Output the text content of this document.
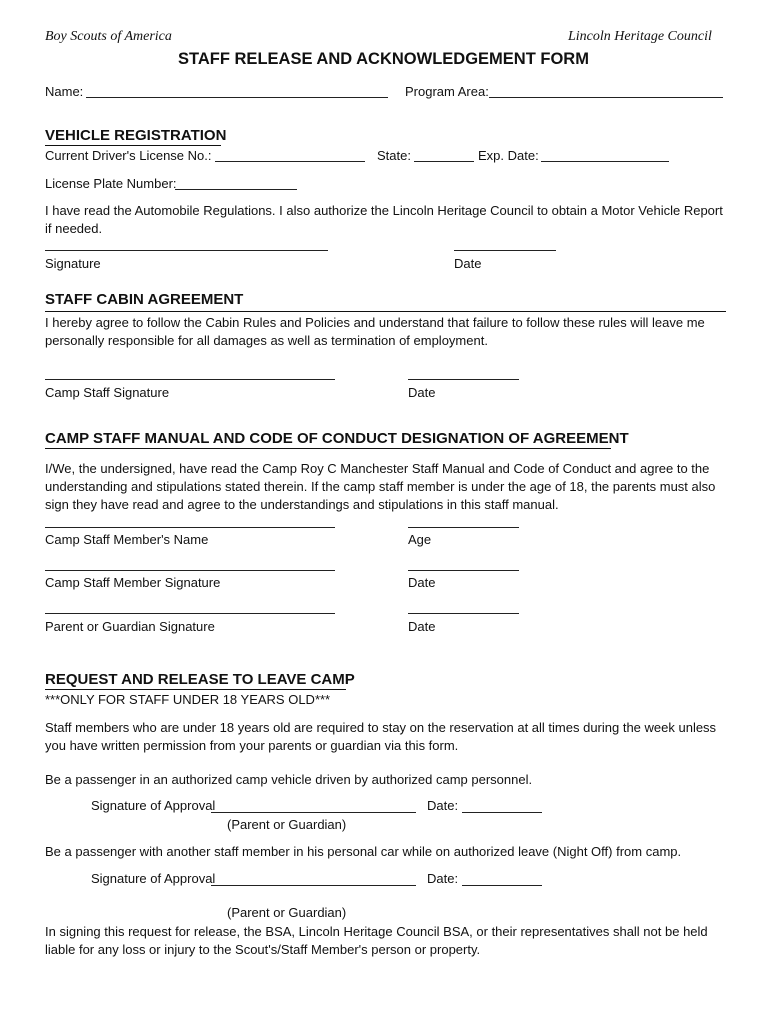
Boy Scouts of America	Lincoln Heritage Council
STAFF RELEASE AND ACKNOWLEDGEMENT FORM
Name:	Program Area:
VEHICLE REGISTRATION
Current Driver's License No.:	State:	Exp. Date:
License Plate Number:
I have read the Automobile Regulations. I also authorize the Lincoln Heritage Council to obtain a Motor Vehicle Report if needed.
Signature	Date
STAFF CABIN AGREEMENT
I hereby agree to follow the Cabin Rules and Policies and understand that failure to follow these rules will leave me personally responsible for all damages as well as termination of employment.
Camp Staff Signature	Date
CAMP STAFF MANUAL AND CODE OF CONDUCT DESIGNATION OF AGREEMENT
I/We, the undersigned, have read the Camp Roy C Manchester Staff Manual and Code of Conduct and agree to the understanding and stipulations stated therein. If the camp staff member is under the age of 18, the parents must also sign they have read and agree to the understandings and stipulations in this staff manual.
Camp Staff Member's Name	Age
Camp Staff Member Signature	Date
Parent or Guardian Signature	Date
REQUEST AND RELEASE TO LEAVE CAMP
***ONLY FOR STAFF UNDER 18 YEARS OLD***
Staff members who are under 18 years old are required to stay on the reservation at all times during the week unless you have written permission from your parents or guardian via this form.
Be a passenger in an authorized camp vehicle driven by authorized camp personnel.
Signature of Approval	Date:
(Parent or Guardian)
Be a passenger with another staff member in his personal car while on authorized leave (Night Off) from camp.
Signature of Approval	Date:
(Parent or Guardian)
In signing this request for release, the BSA, Lincoln Heritage Council BSA, or their representatives shall not be held liable for any loss or injury to the Scout's/Staff Member's person or property.
